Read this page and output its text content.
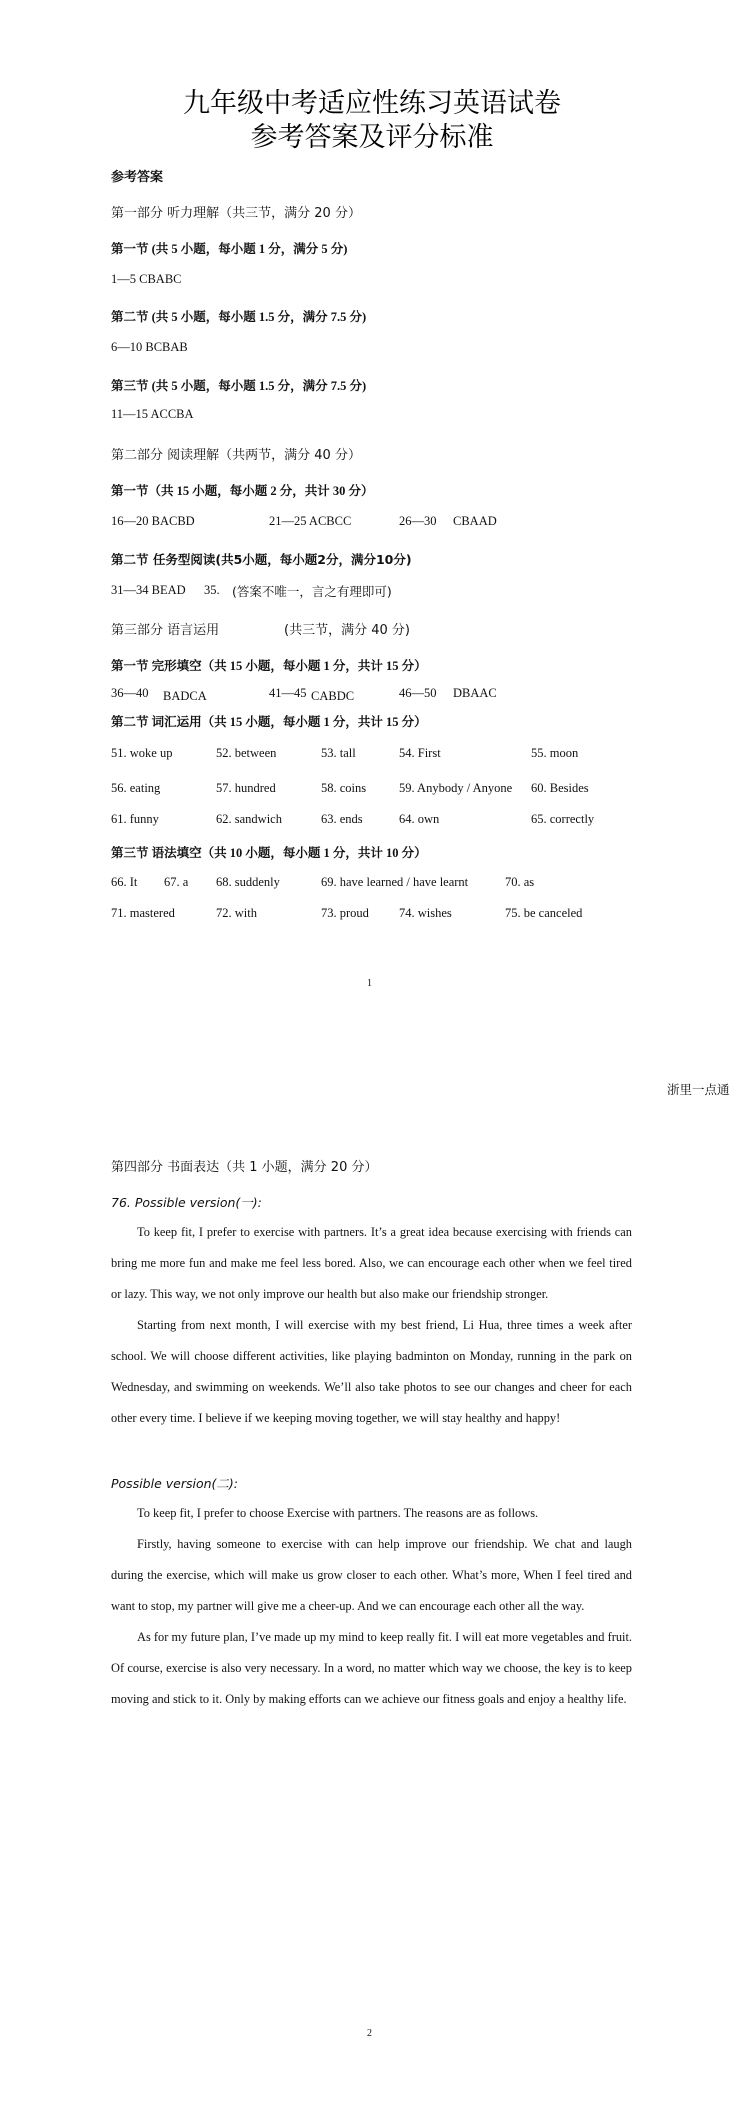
九年级中考适应性练习英语试卷
参考答案及评分标准
参考答案
第一部分 听力理解（共三节，满分 20 分）
第一节 (共 5 小题，每小题 1 分，满分 5 分)
1—5 CBABC
第二节 (共 5 小题，每小题 1.5 分，满分 7.5 分)
6—10 BCBAB
第三节 (共 5 小题，每小题 1.5 分，满分 7.5 分)
11—15 ACCBA
第二部分 阅读理解（共两节，满分 40 分）
第一节（共 15 小题，每小题 2 分，共计 30 分）
16—20 BACBD	21—25 ACBCC	26—30 CBAAD
第二节 任务型阅读(共5小题，每小题2分，满分10分)
31—34 BEAD 35. (答案不唯一，言之有理即可)
第三部分 语言运用	(共三节，满分 40 分)
第一节 完形填空（共 15 小题，每小题 1 分，共计 15 分）
36—40 BADCA	41—45 CABDC	46—50 DBAAC
第二节 词汇运用（共 15 小题，每小题 1 分，共计 15 分）
51. woke up	52. between	53. tall	54. First	55. moon
56. eating	57. hundred	58. coins	59. Anybody / Anyone 60. Besides
61. funny	62. sandwich	63. ends	64. own	65. correctly
第三节 语法填空（共 10 小题，每小题 1 分，共计 10 分）
66. It 67. a 68. suddenly	69. have learned / have learnt	70. as
71. mastered	72. with	73. proud 74. wishes	75. be canceled
1
浙里一点通
第四部分 书面表达（共 1 小题，满分 20 分）
76. Possible version(一):

To keep fit, I prefer to exercise with partners. It’s a great idea because exercising with friends can bring me more fun and make me feel less bored. Also, we can encourage each other when we feel tired or lazy. This way, we not only improve our health but also make our friendship stronger.

Starting from next month, I will exercise with my best friend, Li Hua, three times a week after school. We will choose different activities, like playing badminton on Monday, running in the park on Wednesday, and swimming on weekends. We’ll also take photos to see our changes and cheer for each other every time. I believe if we keeping moving together, we will stay healthy and happy!

Possible version(二):

To keep fit, I prefer to choose Exercise with partners. The reasons are as follows.

Firstly, having someone to exercise with can help improve our friendship. We chat and laugh during the exercise, which will make us grow closer to each other. What’s more, When I feel tired and want to stop, my partner will give me a cheer-up. And we can encourage each other all the way.

As for my future plan, I’ve made up my mind to keep really fit. I will eat more vegetables and fruit. Of course, exercise is also very necessary. In a word, no matter which way we choose, the key is to keep moving and stick to it. Only by making efforts can we achieve our fitness goals and enjoy a healthy life.

2
